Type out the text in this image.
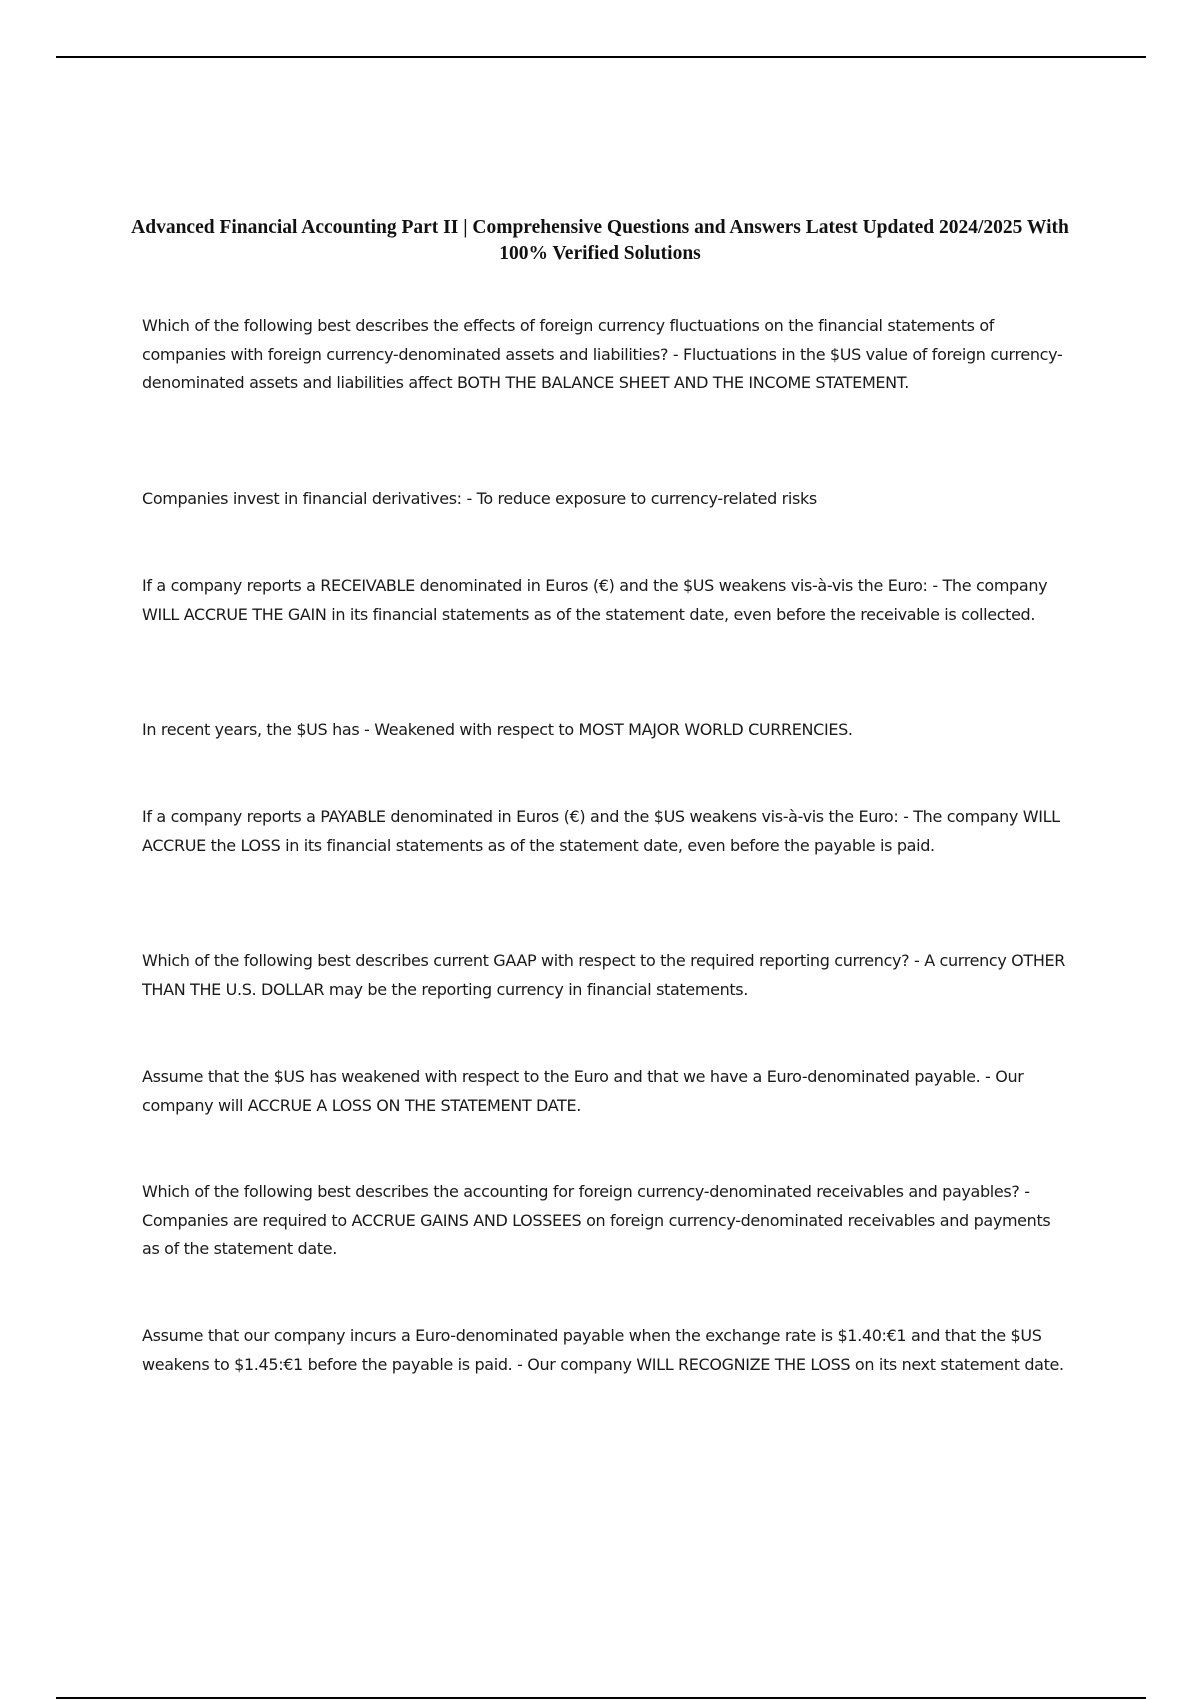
Advanced Financial Accounting Part II | Comprehensive Questions and Answers Latest Updated 2024/2025 With 100% Verified Solutions

Which of the following best describes the effects of foreign currency fluctuations on the financial statements of companies with foreign currency-denominated assets and liabilities? - Fluctuations in the $US value of foreign currency-denominated assets and liabilities affect BOTH THE BALANCE SHEET AND THE INCOME STATEMENT.

Companies invest in financial derivatives: - To reduce exposure to currency-related risks

If a company reports a RECEIVABLE denominated in Euros (€) and the $US weakens vis-à-vis the Euro: - The company WILL ACCRUE THE GAIN in its financial statements as of the statement date, even before the receivable is collected.

In recent years, the $US has - Weakened with respect to MOST MAJOR WORLD CURRENCIES.

If a company reports a PAYABLE denominated in Euros (€) and the $US weakens vis-à-vis the Euro: - The company WILL ACCRUE the LOSS in its financial statements as of the statement date, even before the payable is paid.

Which of the following best describes current GAAP with respect to the required reporting currency? - A currency OTHER THAN THE U.S. DOLLAR may be the reporting currency in financial statements.

Assume that the $US has weakened with respect to the Euro and that we have a Euro-denominated payable. - Our company will ACCRUE A LOSS ON THE STATEMENT DATE.

Which of the following best describes the accounting for foreign currency-denominated receivables and payables? - Companies are required to ACCRUE GAINS AND LOSSEES on foreign currency-denominated receivables and payments as of the statement date.

Assume that our company incurs a Euro-denominated payable when the exchange rate is $1.40:€1 and that the $US weakens to $1.45:€1 before the payable is paid. - Our company WILL RECOGNIZE THE LOSS on its next statement date.
